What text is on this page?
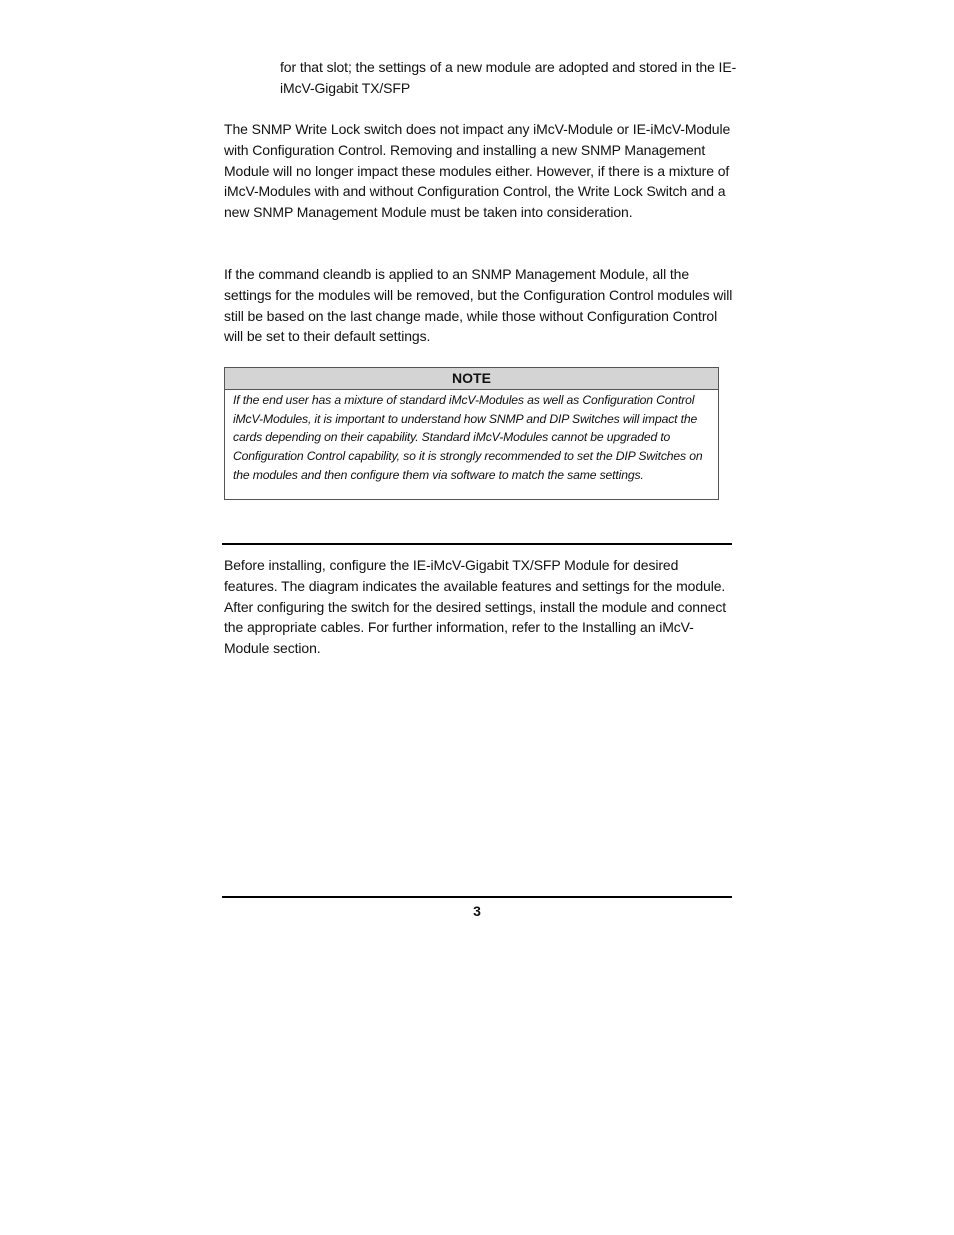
for that slot; the settings of a new module are adopted and stored in the IE-iMcV-Gigabit TX/SFP

The SNMP Write Lock switch does not impact any iMcV-Module or IE-iMcV-Module with Configuration Control. Removing and installing a new SNMP Management Module will no longer impact these modules either. However, if there is a mixture of iMcV-Modules with and without Configuration Control, the Write Lock Switch and a new SNMP Management Module must be taken into consideration.

If the command cleandb is applied to an SNMP Management Module, all the settings for the modules will be removed, but the Configuration Control modules will still be based on the last change made, while those without Configuration Control will be set to their default settings.

NOTE
If the end user has a mixture of standard iMcV-Modules as well as Configuration Control iMcV-Modules, it is important to understand how SNMP and DIP Switches will impact the cards depending on their capability. Standard iMcV-Modules cannot be upgraded to Configuration Control capability, so it is strongly recommended to set the DIP Switches on the modules and then configure them via software to match the same settings.

Before installing, configure the IE-iMcV-Gigabit TX/SFP Module for desired features. The diagram indicates the available features and settings for the module. After configuring the switch for the desired settings, install the module and connect the appropriate cables. For further information, refer to the Installing an iMcV-Module section.

3
